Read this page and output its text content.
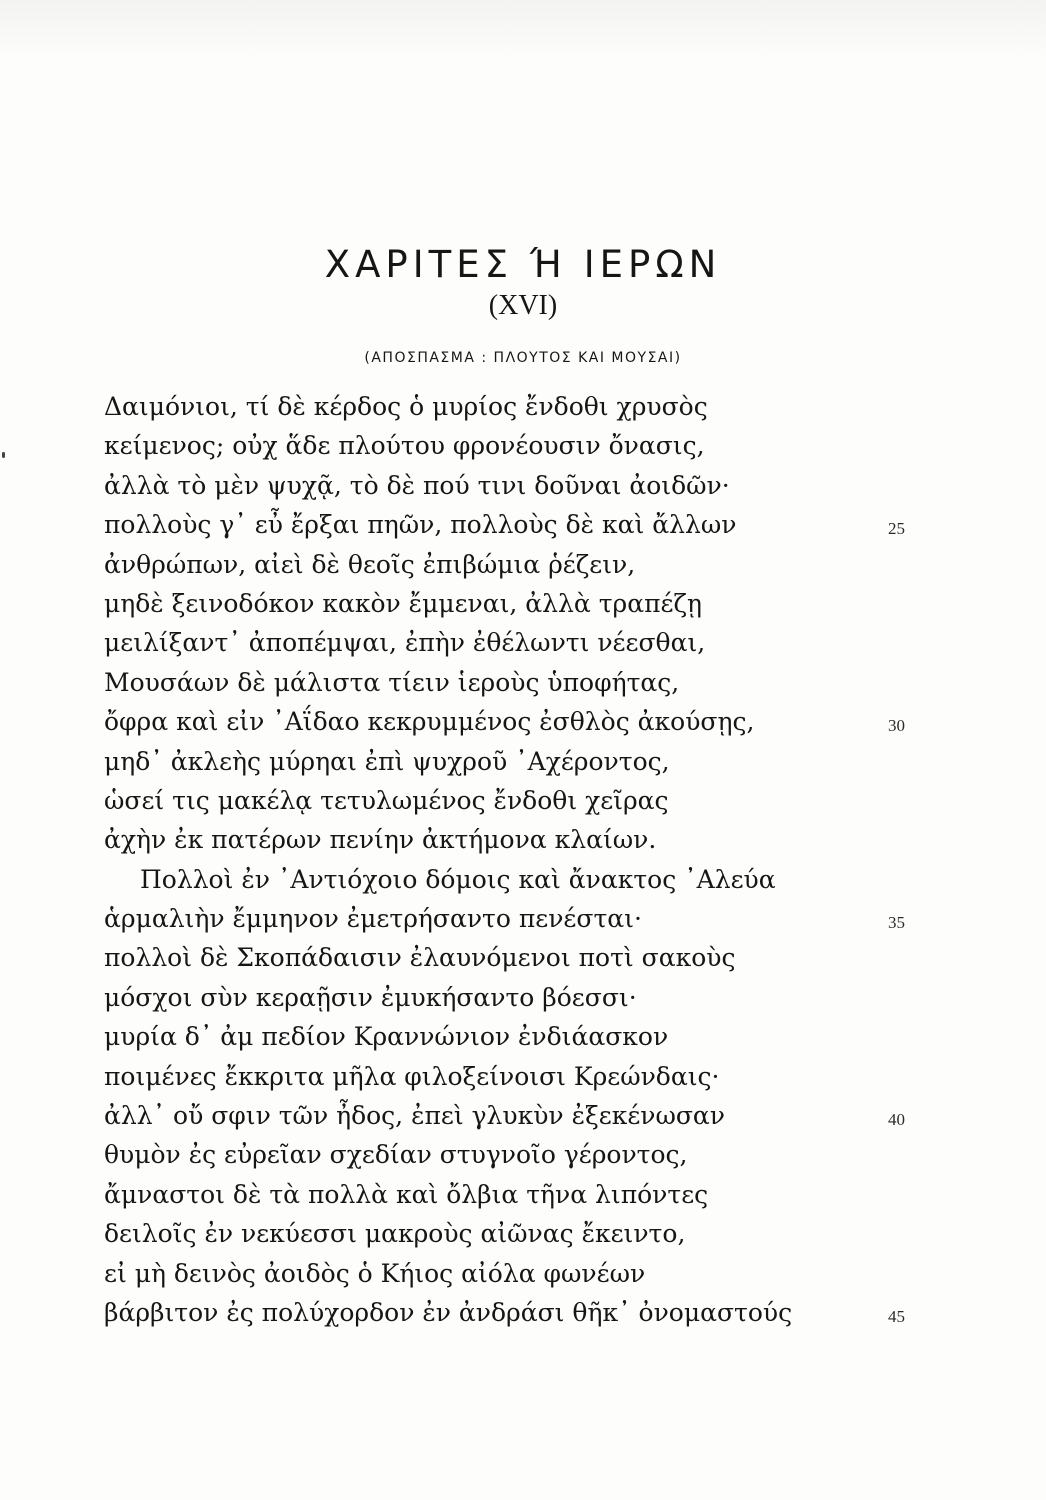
ΧΑΡΙΤΕΣ Ή ΙΕΡΩΝ
(XVI)
(ΑΠΟΣΠΑΣΜΑ : ΠΛΟΥΤΟΣ ΚΑΙ ΜΟΥΣΑΙ)
Δαιμόνιοι, τί δὲ κέρδος ὁ μυρίος ἔνδοθι χρυσὸς
κείμενος; οὐχ ἅδε πλούτου φρονέουσιν ὄνασις,
ἀλλὰ τὸ μὲν ψυχᾷ, τὸ δὲ πού τινι δοῦναι ἀοιδῶν·
πολλοὺς γ᾽ εὖ ἔρξαι πηῶν, πολλοὺς δὲ καὶ ἄλλων	25
ἀνθρώπων, αἰεὶ δὲ θεοῖς ἐπιβώμια ῥέζειν,
μηδὲ ξεινοδόκον κακὸν ἔμμεναι, ἀλλὰ τραπέζῃ
μειλίξαντ᾽ ἀποπέμψαι, ἐπὴν ἐθέλωντι νέεσθαι,
Μουσάων δὲ μάλιστα τίειν ἱεροὺς ὑποφήτας,
ὄφρα καὶ εἰν ᾿Αΐδαο κεκρυμμένος ἐσθλὸς ἀκούσῃς,	30
μηδ᾽ ἀκλεὴς μύρηαι ἐπὶ ψυχροῦ ᾿Αχέροντος,
ὡσεί τις μακέλᾳ τετυλωμένος ἔνδοθι χεῖρας
ἀχὴν ἐκ πατέρων πενίην ἀκτήμονα κλαίων.
Πολλοὶ ἐν ᾿Αντιόχοιο δόμοις καὶ ἄνακτος ᾿Αλεύα
ἁρμαλιὴν ἔμμηνον ἐμετρήσαντο πενέσται·	35
πολλοὶ δὲ Σκοπάδαισιν ἐλαυνόμενοι ποτὶ σακοὺς
μόσχοι σὺν κεραῇσιν ἐμυκήσαντο βόεσσι·
μυρία δ᾽ ἀμ πεδίον Κραννώνιον ἐνδιάασκον
ποιμένες ἔκκριτα μῆλα φιλοξείνοισι Κρεώνδαις·
ἀλλ᾽ οὔ σφιν τῶν ἦδος, ἐπεὶ γλυκὺν ἐξεκένωσαν	40
θυμὸν ἐς εὐρεῖαν σχεδίαν στυγνοῖο γέροντος,
ἄμναστοι δὲ τὰ πολλὰ καὶ ὄλβια τῆνα λιπόντες
δειλοῖς ἐν νεκύεσσι μακροὺς αἰῶνας ἔκειντο,
εἰ μὴ δεινὸς ἀοιδὸς ὁ Κήιος αἰόλα φωνέων
βάρβιτον ἐς πολύχορδον ἐν ἀνδράσι θῆκ᾽ ὀνομαστούς	45
